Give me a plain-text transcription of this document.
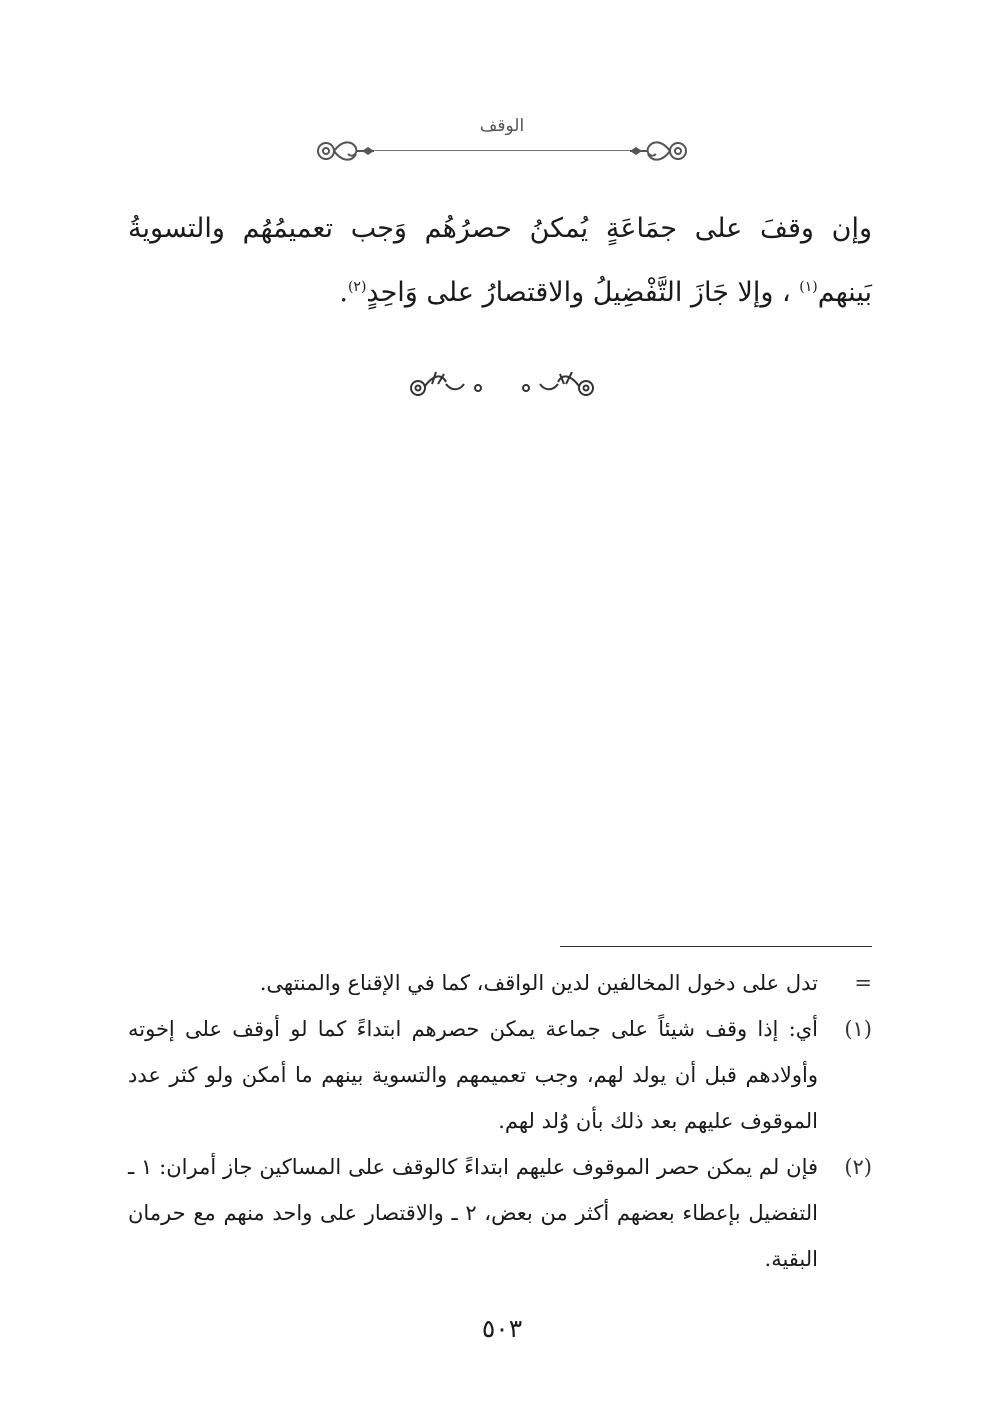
الوقف
وإن وقفَ على جمَاعَةٍ يُمكنُ حصرُهُم وَجب تعميمُهُم والتسويةُ بَينهم$^{(١)}$ ، وإلا جَازَ التَّفْضِيلُ والاقتصارُ على وَاحِدٍ$^{(٢)}$.
=
تدل على دخول المخالفين لدين الواقف، كما في الإقناع والمنتهى.
(١)
أي: إذا وقف شيئاً على جماعة يمكن حصرهم ابتداءً كما لو أوقف على إخوته وأولادهم قبل أن يولد لهم، وجب تعميمهم والتسوية بينهم ما أمكن ولو كثر عدد الموقوف عليهم بعد ذلك بأن وُلد لهم.
(٢)
فإن لم يمكن حصر الموقوف عليهم ابتداءً كالوقف على المساكين جاز أمران: ١ ـ التفضيل بإعطاء بعضهم أكثر من بعض، ٢ ـ والاقتصار على واحد منهم مع حرمان البقية.
٥٠٣
